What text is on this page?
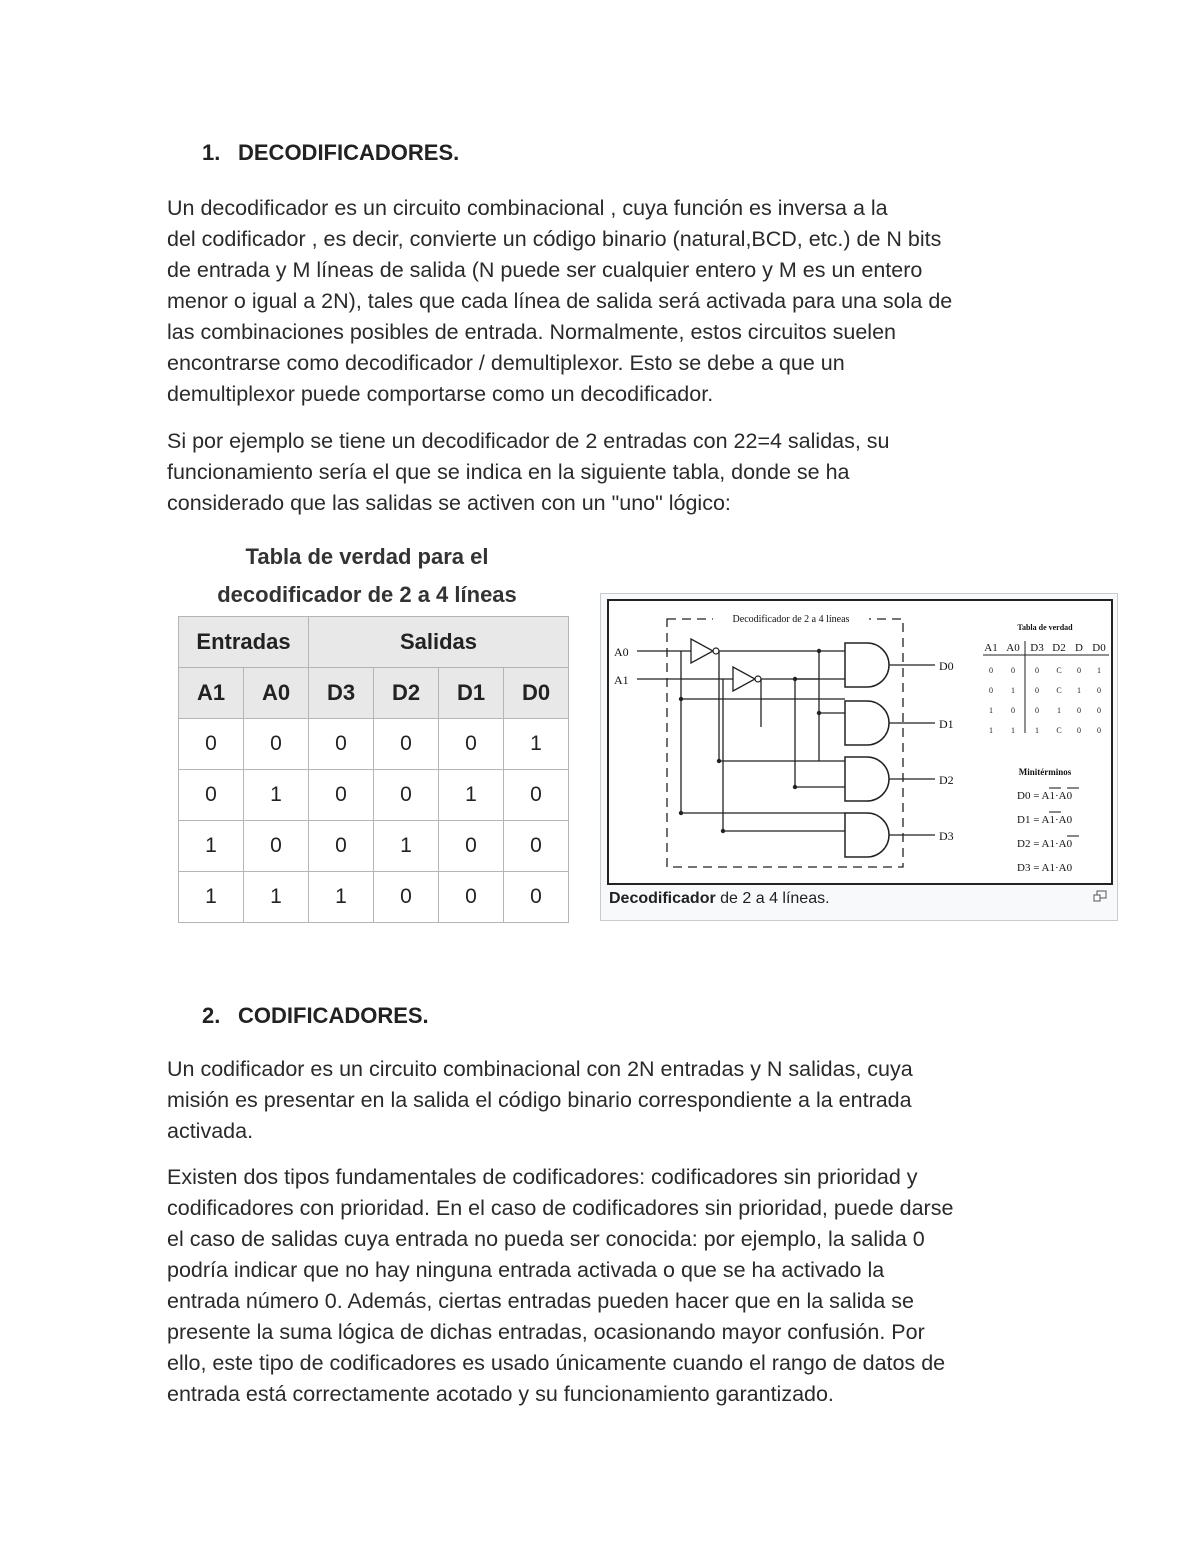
1. DECODIFICADORES.
Un decodificador es un circuito combinacional , cuya función es inversa a la
del codificador , es decir, convierte un código binario (natural,BCD, etc.) de N bits
de entrada y M líneas de salida (N puede ser cualquier entero y M es un entero
menor o igual a 2N), tales que cada línea de salida será activada para una sola de
las combinaciones posibles de entrada. Normalmente, estos circuitos suelen
encontrarse como decodificador / demultiplexor. Esto se debe a que un
demultiplexor puede comportarse como un decodificador.
Si por ejemplo se tiene un decodificador de 2 entradas con 22=4 salidas, su
funcionamiento sería el que se indica en la siguiente tabla, donde se ha
considerado que las salidas se activen con un "uno" lógico:
Tabla de verdad para el
decodificador de 2 a 4 líneas
Entradas		Salidas			
A1	A0	D3	D2	D1	D0
0	0	0	0	0	1
0	1	0	0	1	0
1	0	0	1	0	0
1	1	1	0	0	0
Decodificador de 2 a 4 líneas
A0
A1
D0
D1
D2
D3
Tabla de verdad
A1 A0 D3 D2 D D0
0 0	0 C 0 1
0 1	0 C 1 0
1 0	0 1 0 0
1 1	1 C 0 0
Minitérminos
D0 = A1·A0
D1 = A1·A0
D2 = A1·A0
D3 = A1·A0
Decodificador de 2 a 4 líneas.
2. CODIFICADORES.
Un codificador es un circuito combinacional con 2N entradas y N salidas, cuya
misión es presentar en la salida el código binario correspondiente a la entrada
activada.
Existen dos tipos fundamentales de codificadores: codificadores sin prioridad y
codificadores con prioridad. En el caso de codificadores sin prioridad, puede darse
el caso de salidas cuya entrada no pueda ser conocida: por ejemplo, la salida 0
podría indicar que no hay ninguna entrada activada o que se ha activado la
entrada número 0. Además, ciertas entradas pueden hacer que en la salida se
presente la suma lógica de dichas entradas, ocasionando mayor confusión. Por
ello, este tipo de codificadores es usado únicamente cuando el rango de datos de
entrada está correctamente acotado y su funcionamiento garantizado.
